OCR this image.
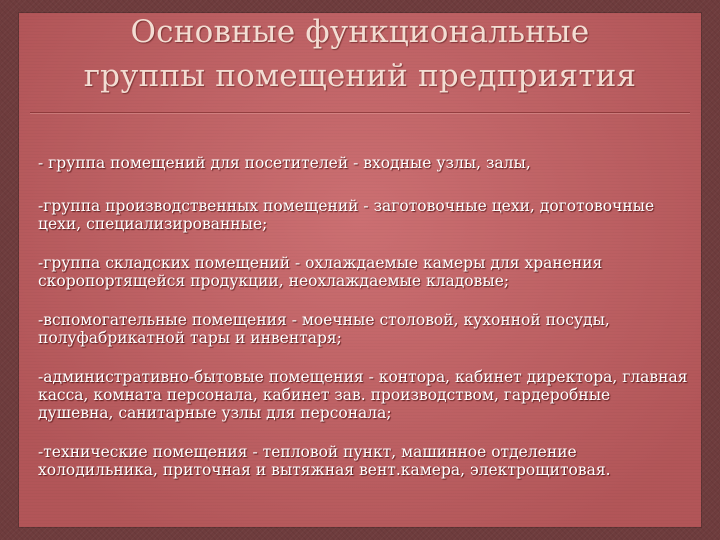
Основные функциональные
группы помещений предприятия
- группа помещений для посетителей - входные узлы, залы,
-группа производственных помещений - заготовочные цехи, доготовочные цехи, специализированные;
-группа складских помещений - охлаждаемые камеры для хранения скоропортящейся продукции, неохлаждаемые кладовые;
-вспомогательные помещения - моечные столовой, кухонной посуды, полуфабрикатной тары и инвентаря;
-административно-бытовые помещения - контора, кабинет директора, главная касса, комната персонала, кабинет зав. производством, гардеробные душевна, санитарные узлы для персонала;
-технические помещения - тепловой пункт, машинное отделение холодильника, приточная и вытяжная вент.камера, электрощитовая.
